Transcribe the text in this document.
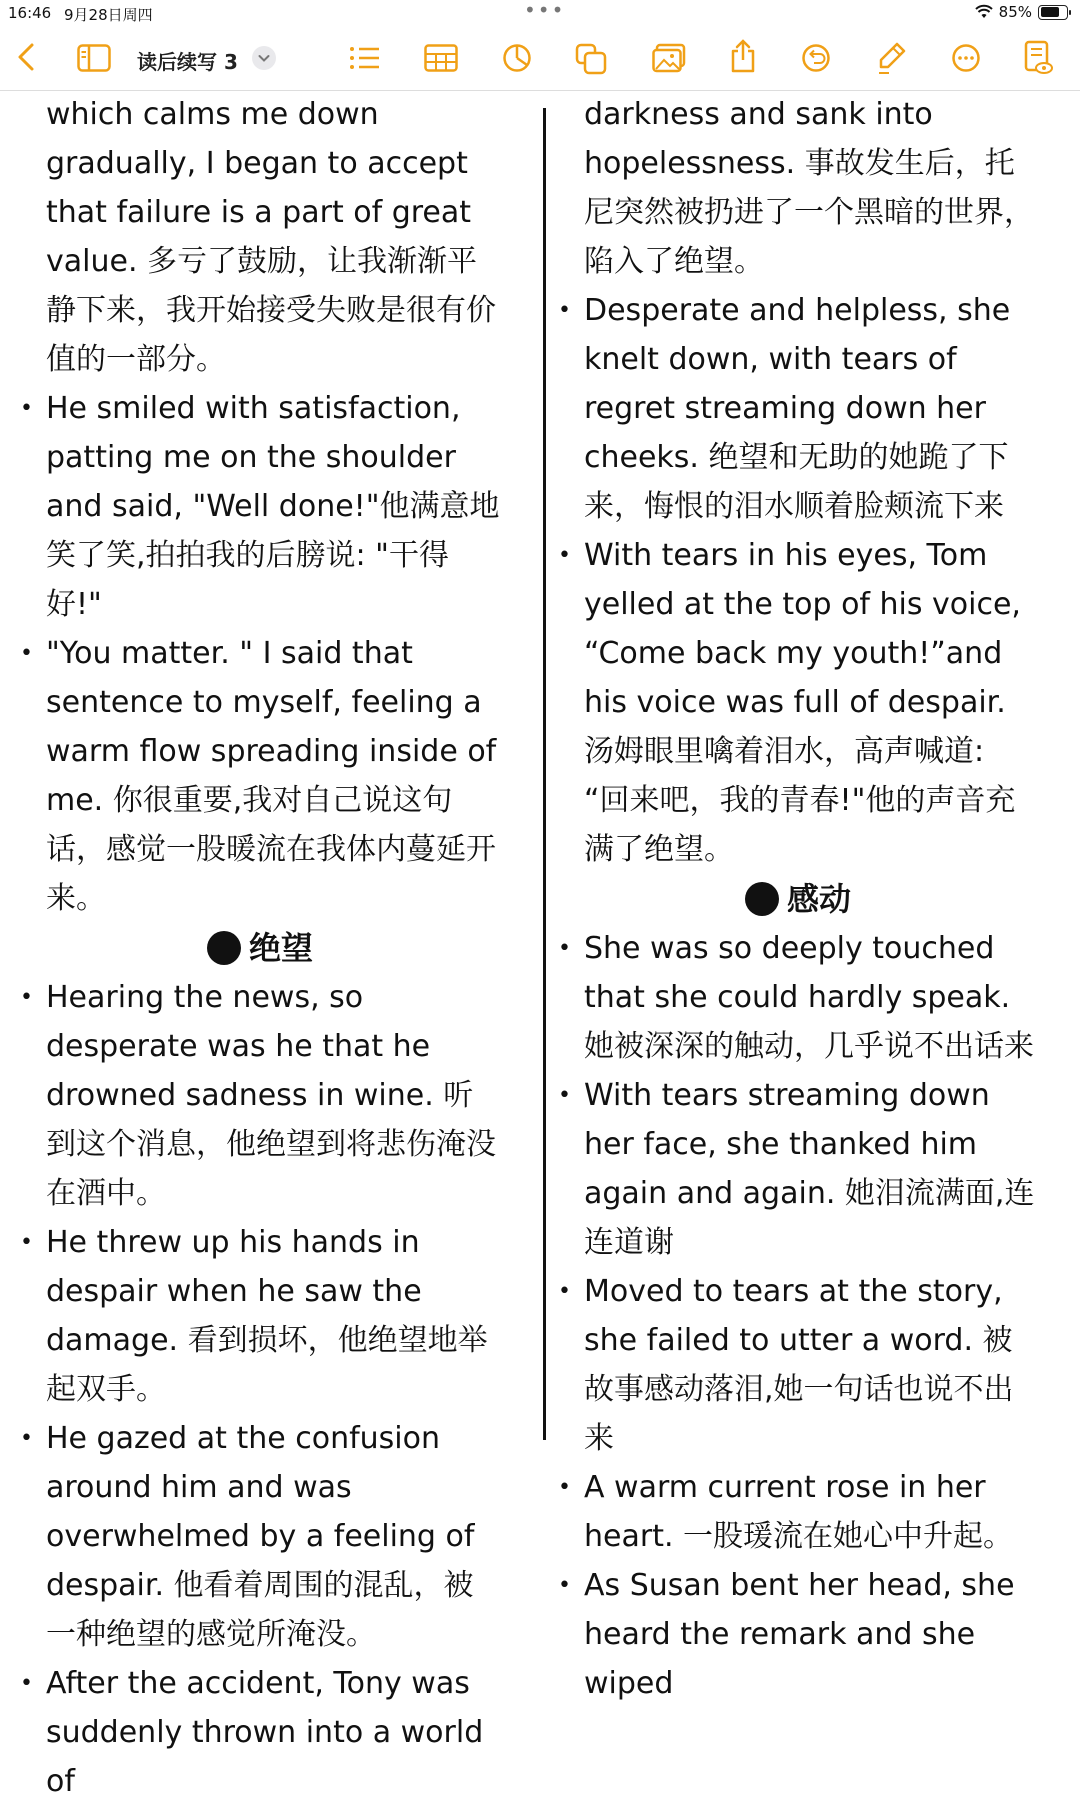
16:46 9月28日周四	•••	85%
读后续写 3
which calms me down gradually, I began to accept that failure is a part of great value. 多亏了鼓励，让我渐渐平静下来，我开始接受失败是很有价值的一部分。
• He smiled with satisfaction, patting me on the shoulder and said, "Well done!"他满意地笑了笑,拍拍我的后膀说: "干得好!"
• "You matter. " I said that sentence to myself, feeling a warm flow spreading inside of me. 你很重要,我对自己说这句话，感觉一股暖流在我体内蔓延开来。

绝望

• Hearing the news, so desperate was he that he drowned sadness in wine. 听到这个消息，他绝望到将悲伤淹没在酒中。
• He threw up his hands in despair when he saw the damage. 看到损坏，他绝望地举起双手。
• He gazed at the confusion around him and was overwhelmed by a feeling of despair. 他看着周围的混乱，被一种绝望的感觉所淹没。
• After the accident, Tony was suddenly thrown into a world of
darkness and sank into hopelessness. 事故发生后，托尼突然被扔进了一个黑暗的世界，陷入了绝望。
• Desperate and helpless, she knelt down, with tears of regret streaming down her cheeks. 绝望和无助的她跪了下来，悔恨的泪水顺着脸颊流下来
• With tears in his eyes, Tom yelled at the top of his voice, “Come back my youth!”and his voice was full of despair. 汤姆眼里噙着泪水，高声喊道: “回来吧，我的青春!"他的声音充满了绝望。

感动

• She was so deeply touched that she could hardly speak. 她被深深的触动，几乎说不出话来
• With tears streaming down her face, she thanked him again and again. 她泪流满面,连连道谢
• Moved to tears at the story, she failed to utter a word. 被故事感动落泪,她一句话也说不出来
• A warm current rose in her heart. 一股瑗流在她心中升起。
• As Susan bent her head, she heard the remark and she wiped
